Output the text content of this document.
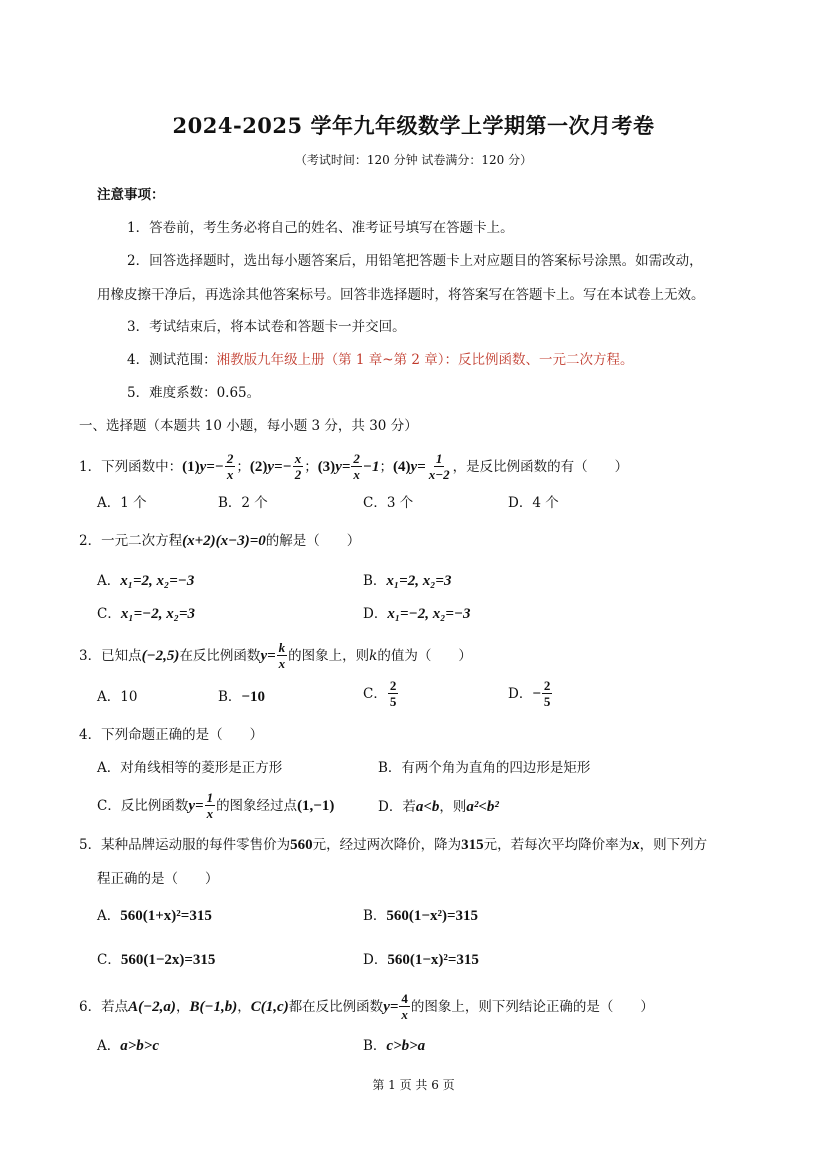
2024-2025 学年九年级数学上学期第一次月考卷
（考试时间：120 分钟 试卷满分：120 分）
注意事项：
1．答卷前，考生务必将自己的姓名、准考证号填写在答题卡上。
2．回答选择题时，选出每小题答案后，用铅笔把答题卡上对应题目的答案标号涂黑。如需改动，
用橡皮擦干净后，再选涂其他答案标号。回答非选择题时，将答案写在答题卡上。写在本试卷上无效。
3．考试结束后，将本试卷和答题卡一并交回。
4．测试范围：湘教版九年级上册（第 1 章~第 2 章）：反比例函数、一元二次方程。
5．难度系数：0.65。
一、选择题（本题共 10 小题，每小题 3 分，共 30 分）
1．下列函数中： (1) $y=- \frac{2}{x}$ ； (2) $y=- \frac{x}{2}$ ； (3) $y= \frac{2}{x} -1$ ； (4) $y= \frac{1}{x-2}$ ，是反比例函数的有（　　）
A．1 个	B．2 个	C．3 个	D．4 个
2．一元二次方程(x+2)(x−3)=0的解是（　　）
A．x₁=2, x₂=−3	B．x₁=2, x₂=3
C．x₁=−2, x₂=3	D．x₁=−2, x₂=−3
3．已知点 (−2,5) 在反比例函数 $y= \frac{k}{x}$ 的图象上，则 k 的值为（　　）
A．10	B．−10	C． $\frac{2}{5}$	D． − $\frac{2}{5}$
4．下列命题正确的是（　　）
A．对角线相等的菱形是正方形	B．有两个角为直角的四边形是矩形
C．反比例函数 $y= \frac{1}{x}$ 的图象经过点 (1,−1)	D．若a<b，则a²<b²
5．某种品牌运动服的每件零售价为560元，经过两次降价，降为315元，若每次平均降价率为x，则下列方
程正确的是（　　）
A．560(1+x)²=315	B．560(1−x²)=315
C．560(1−2x)=315	D．560(1−x)²=315
6．若点 A(−2,a) ， B(−1,b) ， C(1,c) 都在反比例函数 $y= \frac{4}{x}$ 的图象上，则下列结论正确的是（　　）
A．a>b>c	B．c>b>a
第 1 页 共 6 页
